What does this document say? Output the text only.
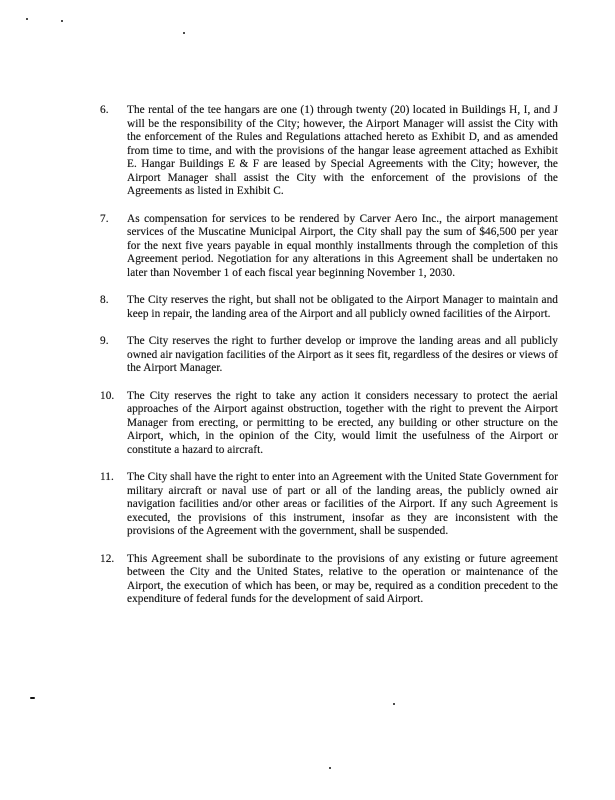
6.	The rental of the tee hangars are one (1) through twenty (20) located in Buildings H, I, and J will be the responsibility of the City; however, the Airport Manager will assist the City with the enforcement of the Rules and Regulations attached hereto as Exhibit D, and as amended from time to time, and with the provisions of the hangar lease agreement attached as Exhibit E. Hangar Buildings E & F are leased by Special Agreements with the City; however, the Airport Manager shall assist the City with the enforcement of the provisions of the Agreements as listed in Exhibit C.
7.	As compensation for services to be rendered by Carver Aero Inc., the airport management services of the Muscatine Municipal Airport, the City shall pay the sum of $46,500 per year for the next five years payable in equal monthly installments through the completion of this Agreement period. Negotiation for any alterations in this Agreement shall be undertaken no later than November 1 of each fiscal year beginning November 1, 2030.
8.	The City reserves the right, but shall not be obligated to the Airport Manager to maintain and keep in repair, the landing area of the Airport and all publicly owned facilities of the Airport.
9.	The City reserves the right to further develop or improve the landing areas and all publicly owned air navigation facilities of the Airport as it sees fit, regardless of the desires or views of the Airport Manager.
10.	The City reserves the right to take any action it considers necessary to protect the aerial approaches of the Airport against obstruction, together with the right to prevent the Airport Manager from erecting, or permitting to be erected, any building or other structure on the Airport, which, in the opinion of the City, would limit the usefulness of the Airport or constitute a hazard to aircraft.
11.	The City shall have the right to enter into an Agreement with the United State Government for military aircraft or naval use of part or all of the landing areas, the publicly owned air navigation facilities and/or other areas or facilities of the Airport. If any such Agreement is executed, the provisions of this instrument, insofar as they are inconsistent with the provisions of the Agreement with the government, shall be suspended.
12.	This Agreement shall be subordinate to the provisions of any existing or future agreement between the City and the United States, relative to the operation or maintenance of the Airport, the execution of which has been, or may be, required as a condition precedent to the expenditure of federal funds for the development of said Airport.
